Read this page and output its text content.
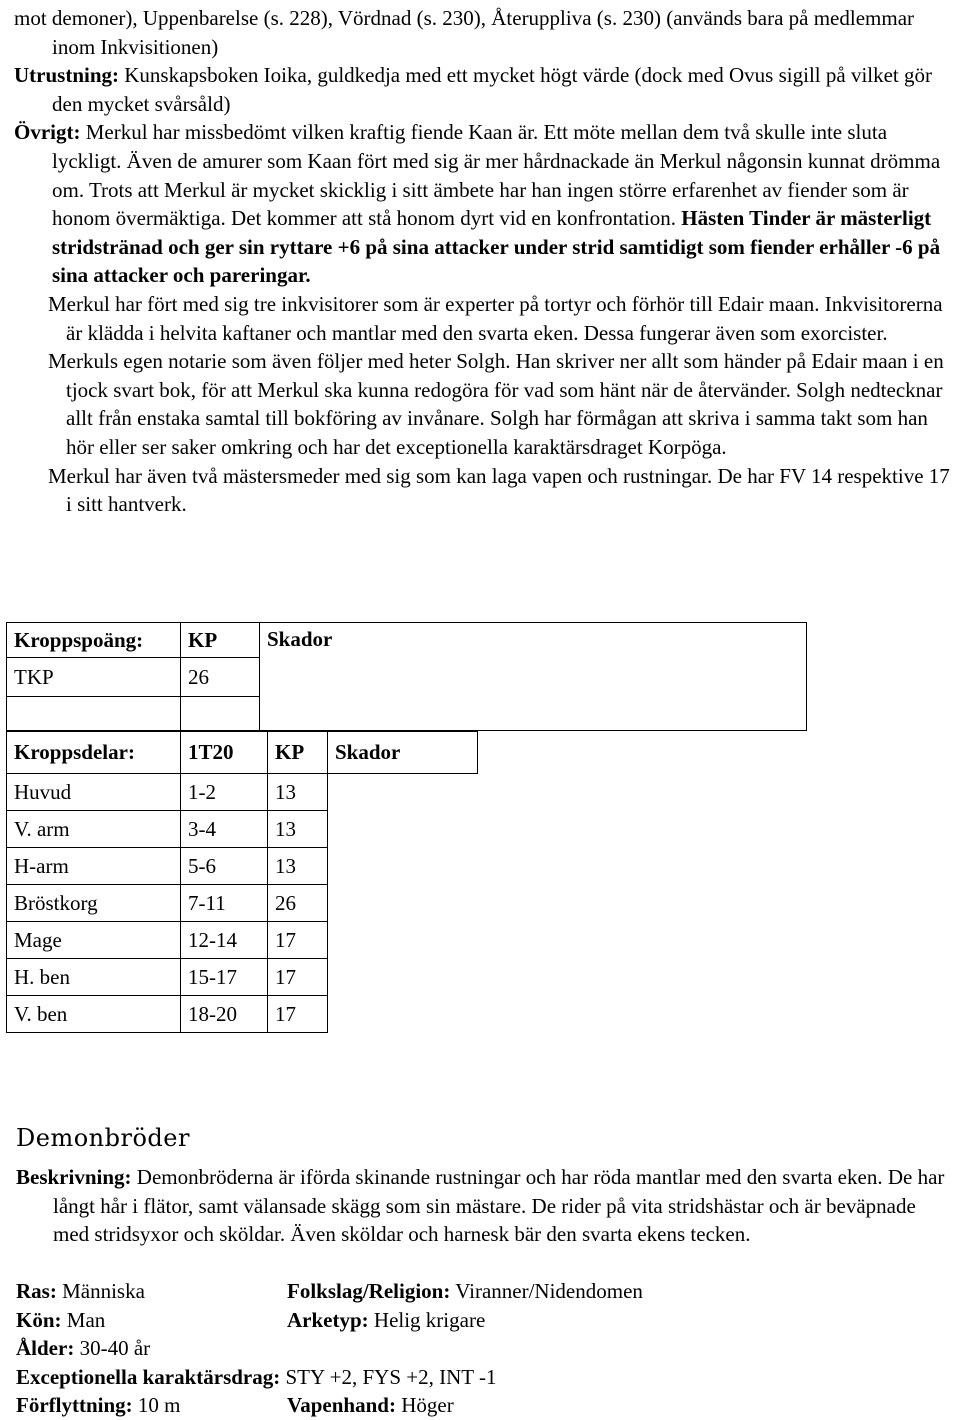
mot demoner), Uppenbarelse (s. 228), Vördnad (s. 230), Återuppliva (s. 230) (används bara på medlemmar inom Inkvisitionen)

Utrustning: Kunskapsboken Ioika, guldkedja med ett mycket högt värde (dock med Ovus sigill på vilket gör den mycket svårsåld)

Övrigt: Merkul har missbedömt vilken kraftig fiende Kaan är. Ett möte mellan dem två skulle inte sluta lyckligt. Även de amurer som Kaan fört med sig är mer hårdnackade än Merkul någonsin kunnat drömma om. Trots att Merkul är mycket skicklig i sitt ämbete har han ingen större erfarenhet av fiender som är honom övermäktiga. Det kommer att stå honom dyrt vid en konfrontation. Hästen Tinder är mästerligt stridstränad och ger sin ryttare +6 på sina attacker under strid samtidigt som fiender erhåller -6 på sina attacker och pareringar.

Merkul har fört med sig tre inkvisitorer som är experter på tortyr och förhör till Edair maan. Inkvisitorerna är klädda i helvita kaftaner och mantlar med den svarta eken. Dessa fungerar även som exorcister.

Merkuls egen notarie som även följer med heter Solgh. Han skriver ner allt som händer på Edair maan i en tjock svart bok, för att Merkul ska kunna redogöra för vad som hänt när de återvänder. Solgh nedtecknar allt från enstaka samtal till bokföring av invånare. Solgh har förmågan att skriva i samma takt som han hör eller ser saker omkring och har det exceptionella karaktärsdraget Korpöga.

Merkul har även två mästersmeder med sig som kan laga vapen och rustningar. De har FV 14 respektive 17 i sitt hantverk.

Kroppspoäng:	KP	Skador
TKP	26	

Kroppsdelar:	1T20	KP	Skador
Huvud	1-2	13	
V. arm	3-4	13	
H-arm	5-6	13	
Bröstkorg	7-11	26	
Mage	12-14	17	
H. ben	15-17	17	
V. ben	18-20	17	
Demonbröder

Beskrivning: Demonbröderna är iförda skinande rustningar och har röda mantlar med den svarta eken. De har långt hår i flätor, samt välansade skägg som sin mästare. De rider på vita stridshästar och är beväpnade med stridsyxor och sköldar. Även sköldar och harnesk bär den svarta ekens tecken.

Ras: Människa	Folkslag/Religion: Viranner/Nidendomen
Kön: Man	Arketyp: Helig krigare
Ålder: 30-40 år
Exceptionella karaktärsdrag: STY +2, FYS +2, INT -1
Förflyttning: 10 m	Vapenhand: Höger
